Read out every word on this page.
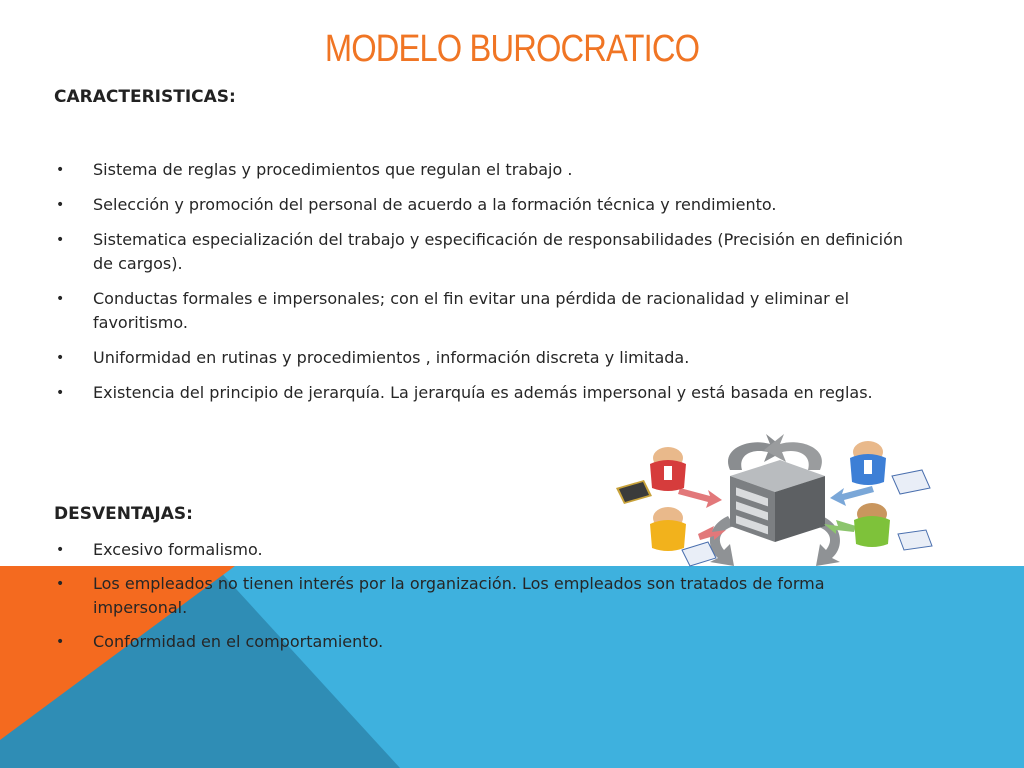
MODELO BUROCRATICO
CARACTERISTICAS:
• Sistema de reglas y procedimientos que regulan el trabajo .
• Selección y promoción del personal de acuerdo a la formación técnica y rendimiento.
• Sistematica especialización del trabajo y especificación de responsabilidades (Precisión en definición de cargos).
• Conductas formales e impersonales; con el fin evitar una pérdida de racionalidad y eliminar el favoritismo.
• Uniformidad en rutinas y procedimientos , información discreta y limitada.
• Existencia del principio de jerarquía. La jerarquía es además impersonal y está basada en reglas.
DESVENTAJAS:
• Excesivo formalismo.
• Los empleados no tienen interés por la organización. Los empleados son tratados de forma impersonal.
• Conformidad en el comportamiento.
